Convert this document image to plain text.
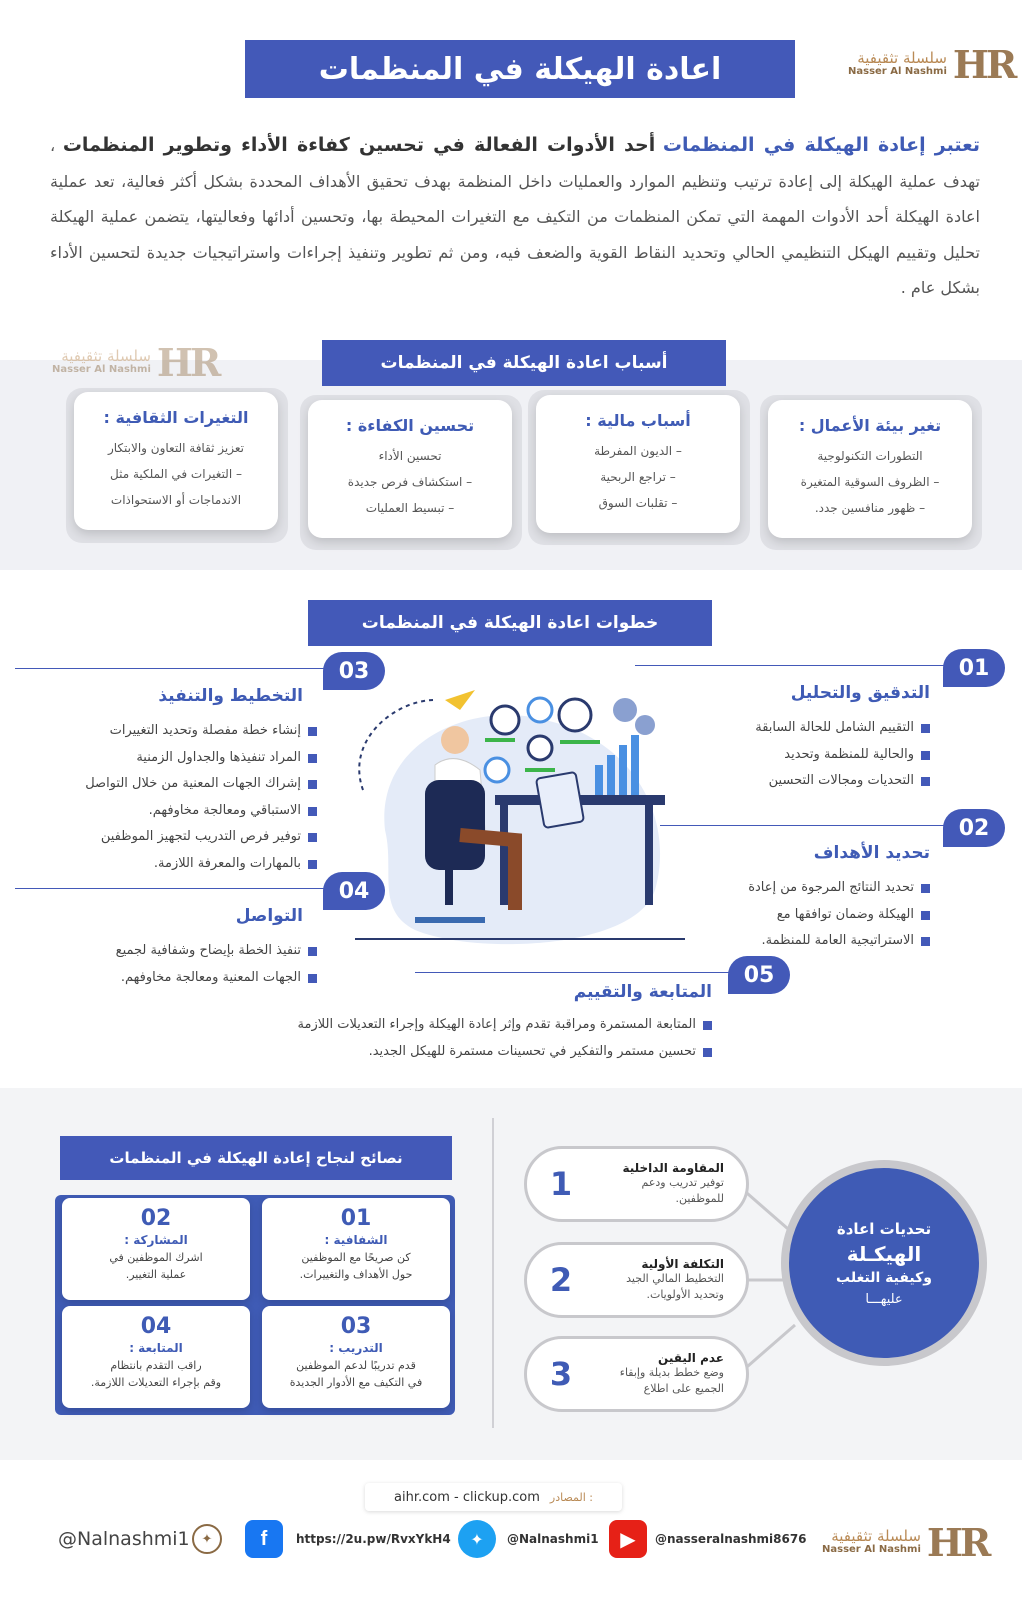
اعادة الهيكلة في المنظمات	سلسلة تثقيفية
Nasser Al Nashmi HR
تعتبر إعادة الهيكلة في المنظمات أحد الأدوات الفعالة في تحسين كفاءة الأداء وتطوير المنظمات ، تهدف عملية الهيكلة إلى إعادة ترتيب وتنظيم الموارد والعمليات داخل المنظمة بهدف تحقيق الأهداف المحددة بشكل أكثر فعالية، تعد عملية اعادة الهيكلة أحد الأدوات المهمة التي تمكن المنظمات من التكيف مع التغيرات المحيطة بها، وتحسين أدائها وفعاليتها، يتضمن عملية الهيكلة تحليل وتقييم الهيكل التنظيمي الحالي وتحديد النقاط القوية والضعف فيه، ومن ثم تطوير وتنفيذ إجراءات واستراتيجيات جديدة لتحسين الأداء بشكل عام .
سلسلة تثقيفية
Nasser Al Nashmi HR	أسباب اعادة الهيكلة في المنظمات
تغير بيئة الأعمال :

التطورات التكنولوجية

– الظروف السوقية المتغيرة

– ظهور منافسين جدد.

أسباب مالية :

– الديون المفرطة

– تراجع الربحية

– تقلبات السوق

تحسين الكفاءة :

تحسين الأداء

– استكشاف فرص جديدة

– تبسيط العمليات

التغيرات الثقافية :

تعزيز ثقافة التعاون والابتكار

– التغيرات في الملكية مثل

الاندماجات أو الاستحواذات

خطوات اعادة الهيكلة في المنظمات
01
التدقيق والتحليل
التقييم الشامل للحالة السابقة
والحالية للمنظمة وتحديد
التحديات ومجالات التحسين
02
تحديد الأهداف
تحديد النتائج المرجوة من إعادة
الهيكلة وضمان توافقها مع
الاستراتيجية العامة للمنظمة.
03
التخطيط والتنفيذ
إنشاء خطة مفصلة وتحديد التغييرات
المراد تنفيذها والجداول الزمنية
إشراك الجهات المعنية من خلال التواصل
الاستباقي ومعالجة مخاوفهم.
توفير فرص التدريب لتجهيز الموظفين
بالمهارات والمعرفة اللازمة.
04
التواصل
تنفيذ الخطة بإيضاح وشفافية لجميع
الجهات المعنية ومعالجة مخاوفهم.	05
المتابعة والتقييم
المتابعة المستمرة ومراقبة تقدم وإثر إعادة الهيكلة وإجراء التعديلات اللازمة
تحسين مستمر والتفكير في تحسينات مستمرة للهيكل الجديد.
نصائح لنجاح إعادة الهيكلة في المنظمات
01
الشفافية :
كن صريحًا مع الموظفين
حول الأهداف والتغييرات.
02
المشاركة :
اشرك الموظفين في
عملية التغيير.
03
التدريب :
قدم تدريبًا لدعم الموظفين
في التكيف مع الأدوار الجديدة
04
المتابعة :
راقب التقدم بانتظام
وقم بإجراء التعديلات اللازمة.
المقاومة الداخلية
توفير تدريب ودعم
للموظفين.
1
التكلفة الأولية
التخطيط المالي الجيد
وتحديد الأولويات.
2
عدم اليقين
وضع خطط بديلة وإبقاء
الجميع على اطلاع
3
تحديات اعادة
الهيكـلة
وكيفية التغلب
عليهـــا
aihr.com - clickup.com المصادر :
سلسلة تثقيفية
Nasser Al Nashmi HR
▶	@nasseralnashmi8676
✦	@Nalnashmi1
f	https://2u.pw/RvxYkH4
@Nalnashmi1 ✦
